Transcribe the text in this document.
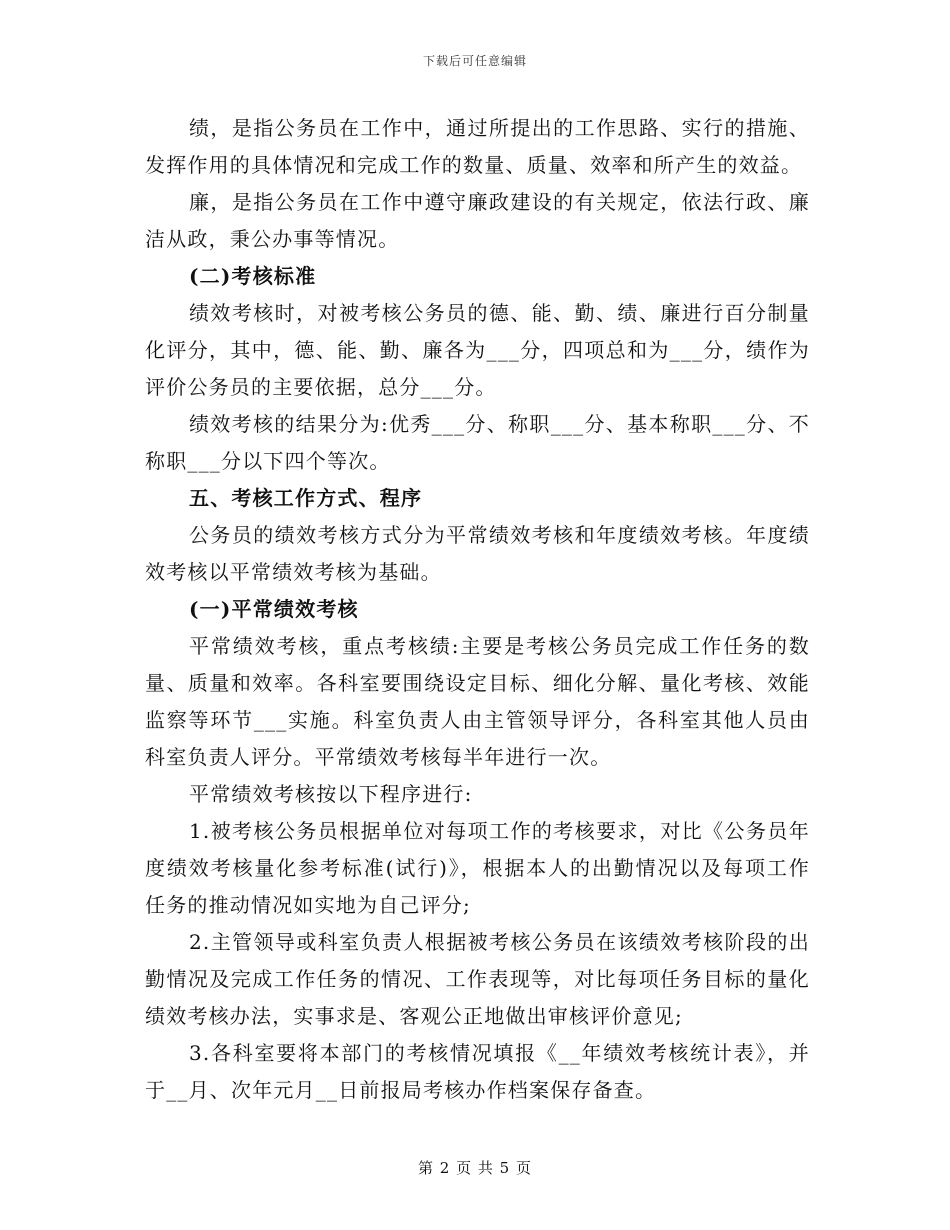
下载后可任意编辑

绩，是指公务员在工作中，通过所提出的工作思路、实行的措施、发挥作用的具体情况和完成工作的数量、质量、效率和所产生的效益。

廉，是指公务员在工作中遵守廉政建设的有关规定，依法行政、廉洁从政，秉公办事等情况。

(二)考核标准

绩效考核时，对被考核公务员的德、能、勤、绩、廉进行百分制量化评分，其中，德、能、勤、廉各为___分，四项总和为___分，绩作为评价公务员的主要依据，总分___分。

绩效考核的结果分为:优秀___分、称职___分、基本称职___分、不称职___分以下四个等次。

五、考核工作方式、程序

公务员的绩效考核方式分为平常绩效考核和年度绩效考核。年度绩效考核以平常绩效考核为基础。

(一)平常绩效考核

平常绩效考核，重点考核绩:主要是考核公务员完成工作任务的数量、质量和效率。各科室要围绕设定目标、细化分解、量化考核、效能监察等环节___实施。科室负责人由主管领导评分，各科室其他人员由科室负责人评分。平常绩效考核每半年进行一次。

平常绩效考核按以下程序进行:

1.被考核公务员根据单位对每项工作的考核要求，对比《公务员年度绩效考核量化参考标准(试行)》，根据本人的出勤情况以及每项工作任务的推动情况如实地为自己评分;

2.主管领导或科室负责人根据被考核公务员在该绩效考核阶段的出勤情况及完成工作任务的情况、工作表现等，对比每项任务目标的量化绩效考核办法，实事求是、客观公正地做出审核评价意见;

3.各科室要将本部门的考核情况填报《__年绩效考核统计表》，并于__月、次年元月__日前报局考核办作档案保存备查。

第 2 页 共 5 页
